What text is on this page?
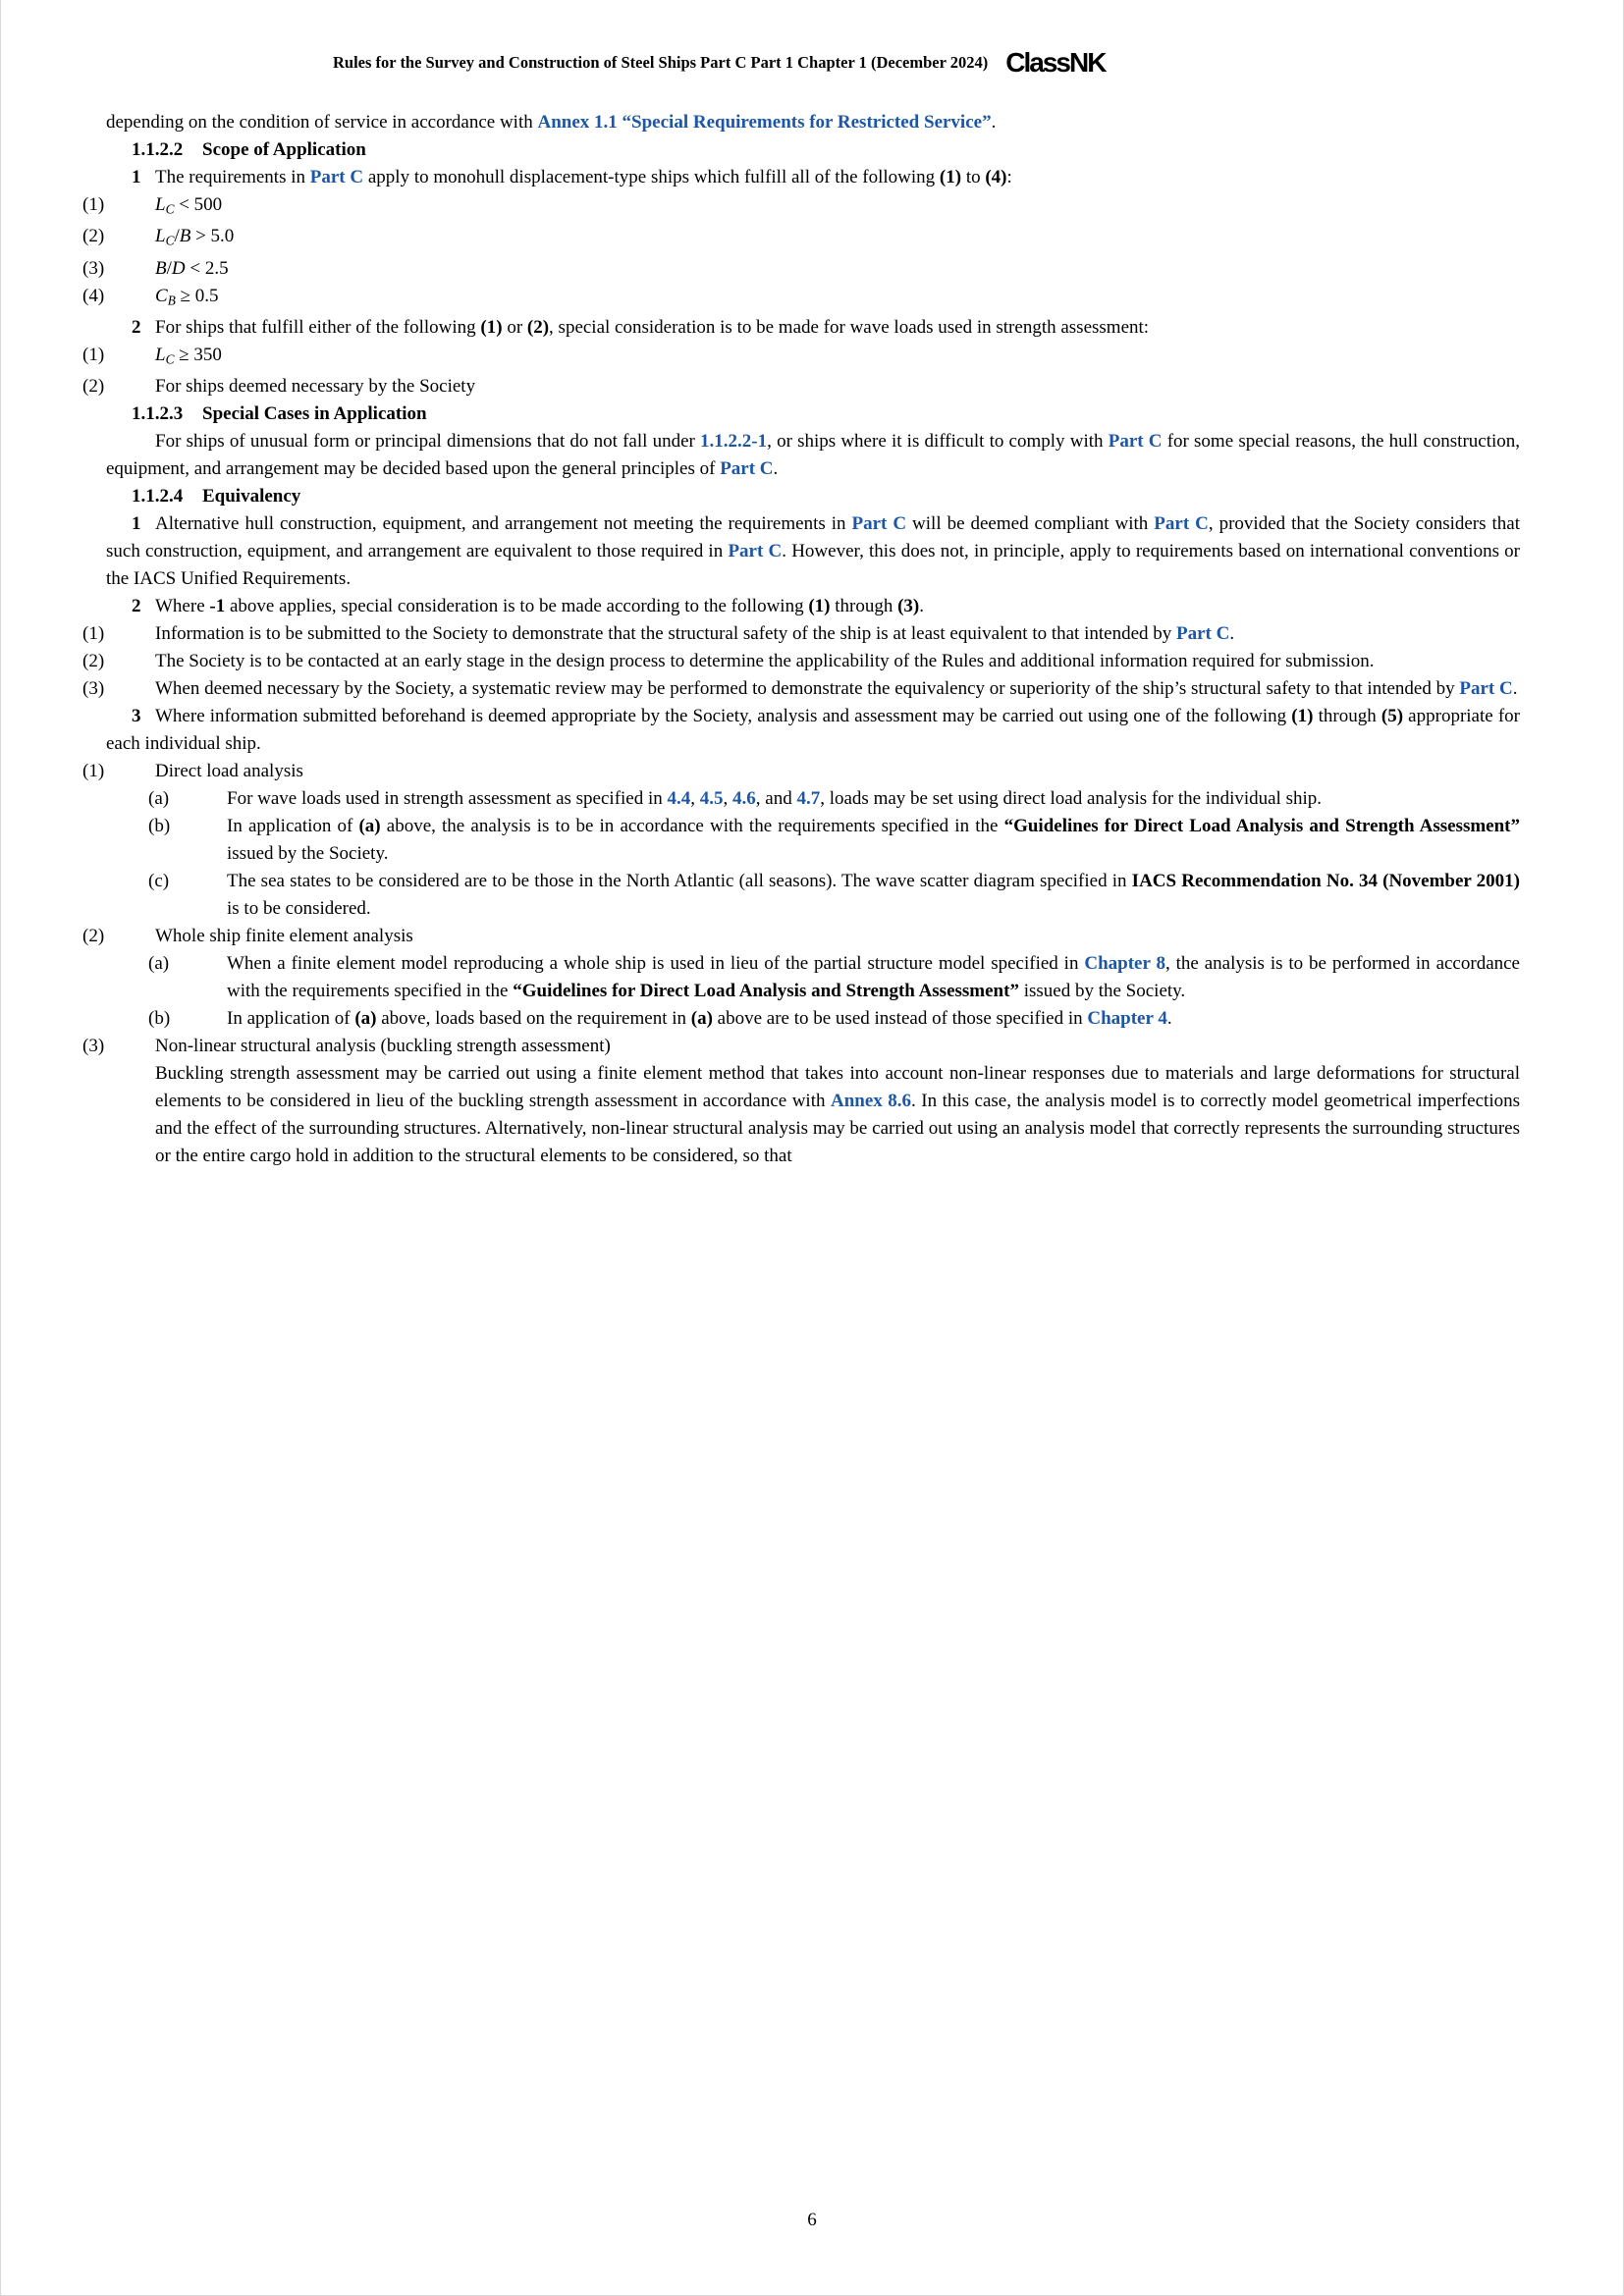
Rules for the Survey and Construction of Steel Ships Part C Part 1 Chapter 1 (December 2024) ClassNK

depending on the condition of service in accordance with Annex 1.1 “Special Requirements for Restricted Service”.

1.1.2.2 Scope of Application

1 The requirements in Part C apply to monohull displacement-type ships which fulfill all of the following (1) to (4):

(1)	LC < 500

(2)	LC/B > 5.0

(3)	B/D < 2.5

(4)	CB ≥ 0.5

2 For ships that fulfill either of the following (1) or (2), special consideration is to be made for wave loads used in strength assessment:

(1)	LC ≥ 350

(2)	For ships deemed necessary by the Society

1.1.2.3 Special Cases in Application

For ships of unusual form or principal dimensions that do not fall under 1.1.2.2-1, or ships where it is difficult to comply with Part C for some special reasons, the hull construction, equipment, and arrangement may be decided based upon the general principles of Part C.

1.1.2.4 Equivalency

1 Alternative hull construction, equipment, and arrangement not meeting the requirements in Part C will be deemed compliant with Part C, provided that the Society considers that such construction, equipment, and arrangement are equivalent to those required in Part C. However, this does not, in principle, apply to requirements based on international conventions or the IACS Unified Requirements.

2 Where -1 above applies, special consideration is to be made according to the following (1) through (3).

(1)	Information is to be submitted to the Society to demonstrate that the structural safety of the ship is at least equivalent to that intended by Part C.

(2)	The Society is to be contacted at an early stage in the design process to determine the applicability of the Rules and additional information required for submission.

(3)	When deemed necessary by the Society, a systematic review may be performed to demonstrate the equivalency or superiority of the ship’s structural safety to that intended by Part C.

3 Where information submitted beforehand is deemed appropriate by the Society, analysis and assessment may be carried out using one of the following (1) through (5) appropriate for each individual ship.

(1)	Direct load analysis

(a)	For wave loads used in strength assessment as specified in 4.4, 4.5, 4.6, and 4.7, loads may be set using direct load analysis for the individual ship.

(b)	In application of (a) above, the analysis is to be in accordance with the requirements specified in the “Guidelines for Direct Load Analysis and Strength Assessment” issued by the Society.

(c)	The sea states to be considered are to be those in the North Atlantic (all seasons). The wave scatter diagram specified in IACS Recommendation No. 34 (November 2001) is to be considered.

(2)	Whole ship finite element analysis

(a)	When a finite element model reproducing a whole ship is used in lieu of the partial structure model specified in Chapter 8, the analysis is to be performed in accordance with the requirements specified in the “Guidelines for Direct Load Analysis and Strength Assessment” issued by the Society.

(b)	In application of (a) above, loads based on the requirement in (a) above are to be used instead of those specified in Chapter 4.

(3)	Non-linear structural analysis (buckling strength assessment)

Buckling strength assessment may be carried out using a finite element method that takes into account non-linear responses due to materials and large deformations for structural elements to be considered in lieu of the buckling strength assessment in accordance with Annex 8.6. In this case, the analysis model is to correctly model geometrical imperfections and the effect of the surrounding structures. Alternatively, non-linear structural analysis may be carried out using an analysis model that correctly represents the surrounding structures or the entire cargo hold in addition to the structural elements to be considered, so that

6
